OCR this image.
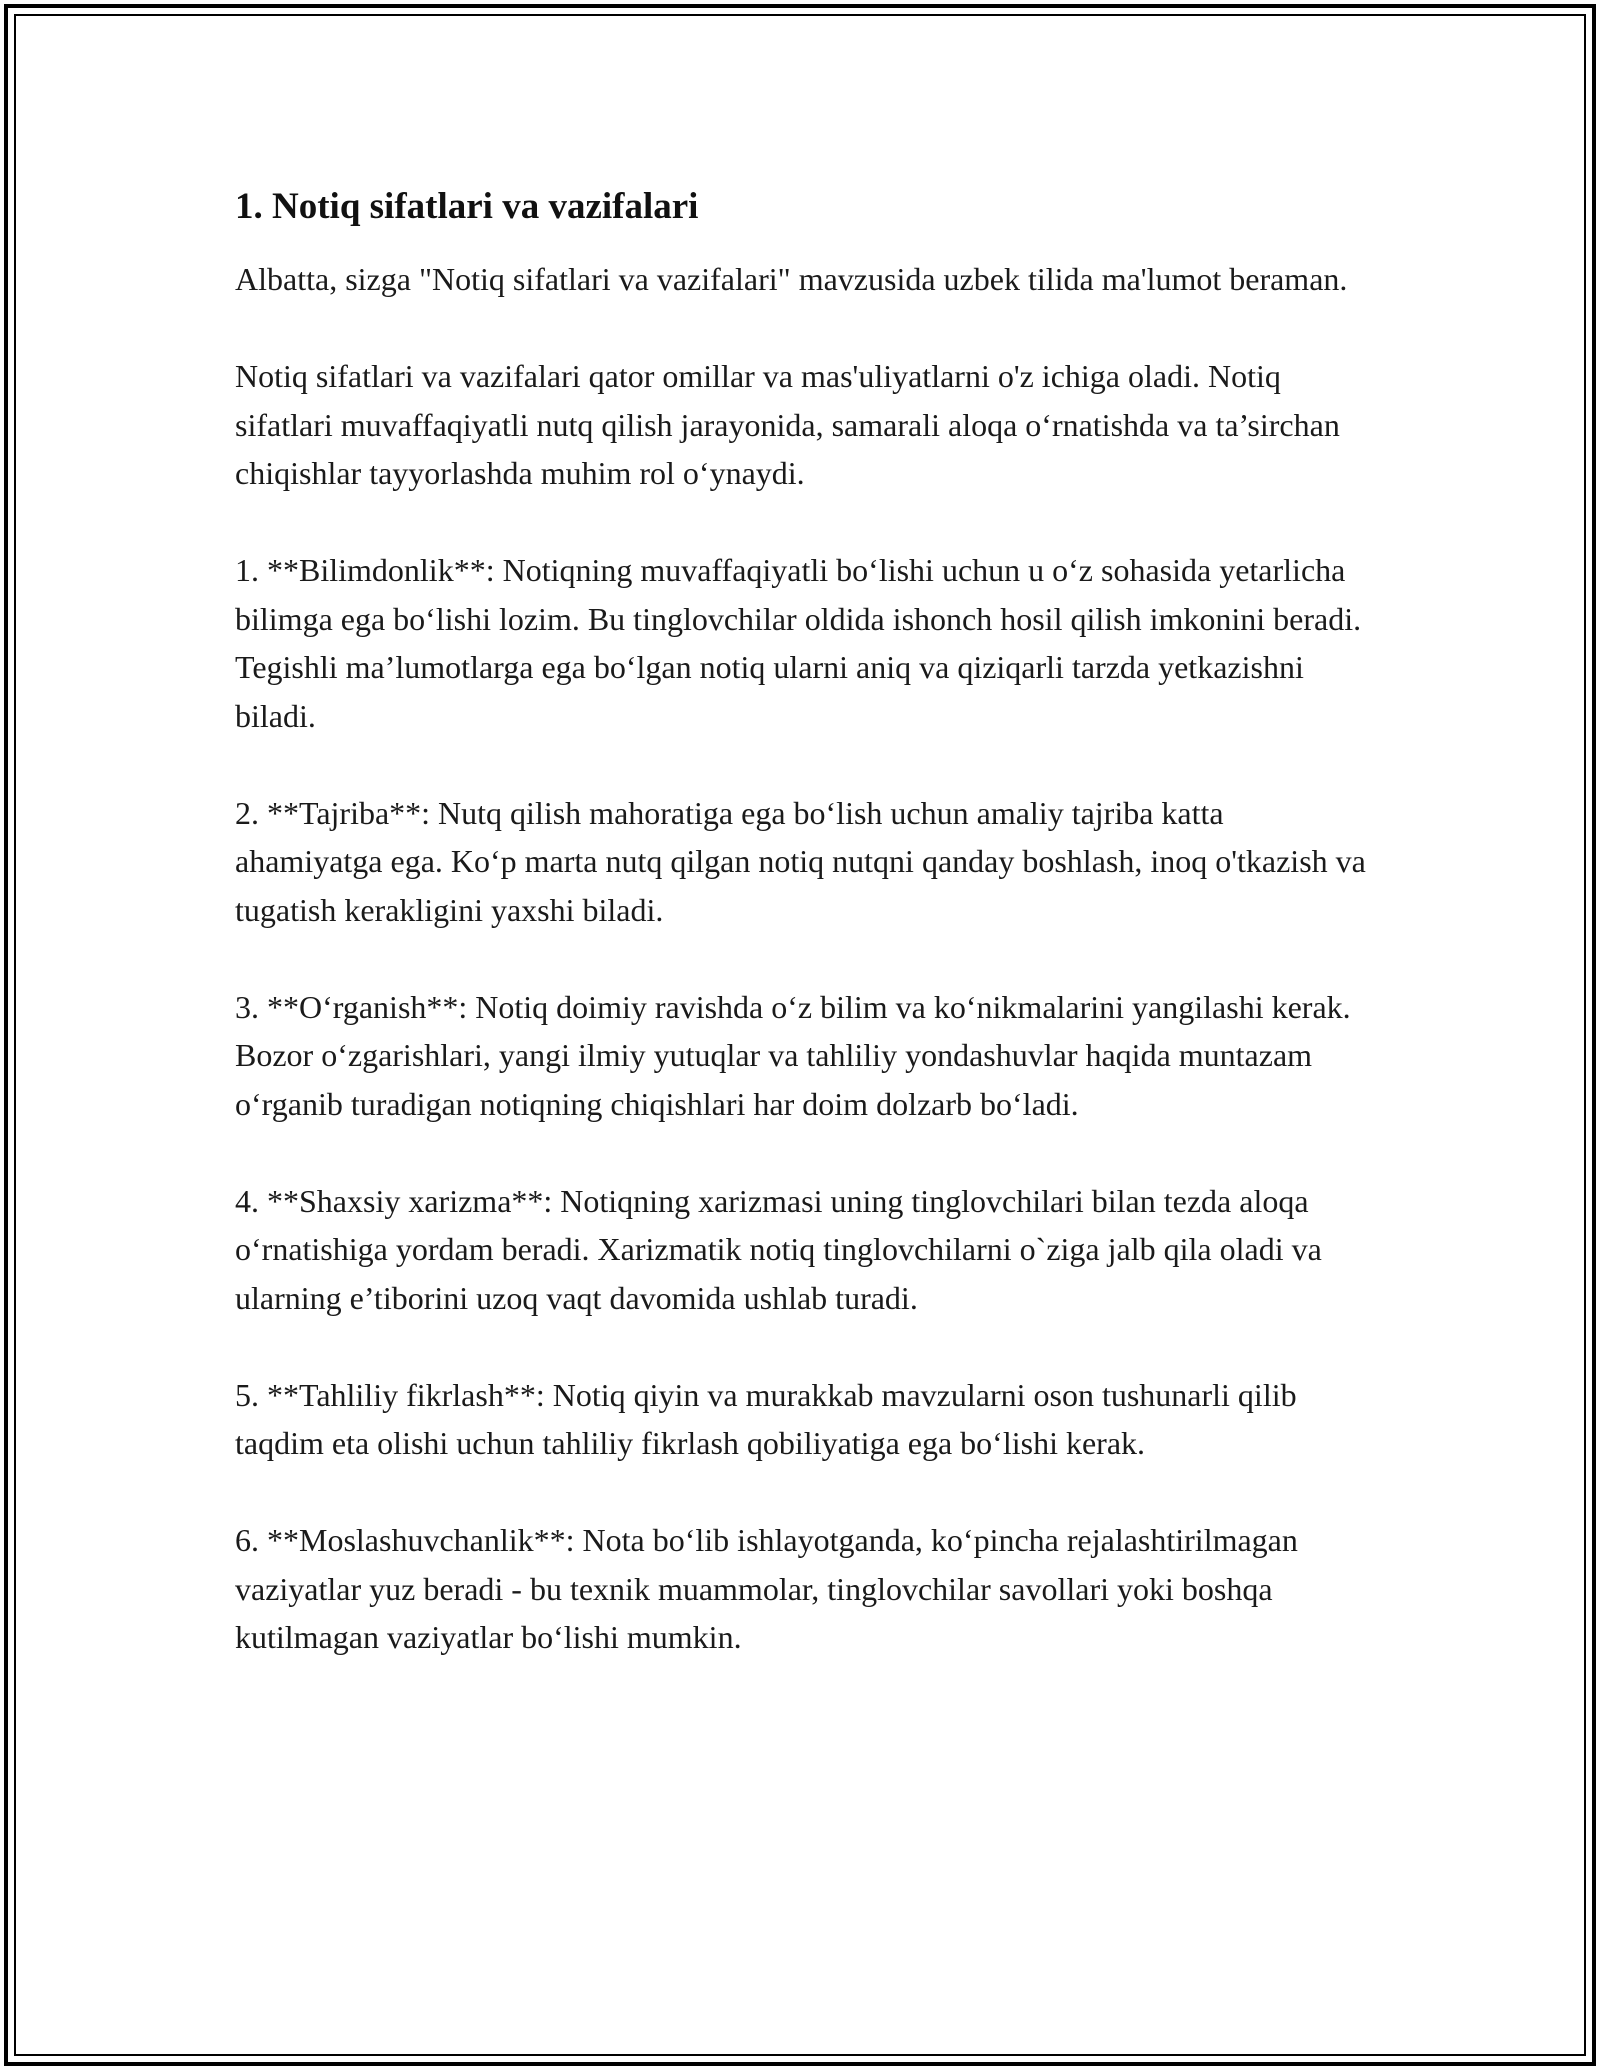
1. Notiq sifatlari va vazifalari

Albatta, sizga "Notiq sifatlari va vazifalari" mavzusida uzbek tilida ma'lumot beraman.

Notiq sifatlari va vazifalari qator omillar va mas'uliyatlarni o'z ichiga oladi. Notiq sifatlari muvaffaqiyatli nutq qilish jarayonida, samarali aloqa o‘rnatishda va ta’sirchan chiqishlar tayyorlashda muhim rol o‘ynaydi.

1. **Bilimdonlik**: Notiqning muvaffaqiyatli bo‘lishi uchun u o‘z sohasida yetarlicha bilimga ega bo‘lishi lozim. Bu tinglovchilar oldida ishonch hosil qilish imkonini beradi. Tegishli ma’lumotlarga ega bo‘lgan notiq ularni aniq va qiziqarli tarzda yetkazishni biladi.

2. **Tajriba**: Nutq qilish mahoratiga ega bo‘lish uchun amaliy tajriba katta ahamiyatga ega. Ko‘p marta nutq qilgan notiq nutqni qanday boshlash, inoq o'tkazish va tugatish kerakligini yaxshi biladi.

3. **O‘rganish**: Notiq doimiy ravishda o‘z bilim va ko‘nikmalarini yangilashi kerak. Bozor o‘zgarishlari, yangi ilmiy yutuqlar va tahliliy yondashuvlar haqida muntazam o‘rganib turadigan notiqning chiqishlari har doim dolzarb bo‘ladi.

4. **Shaxsiy xarizma**: Notiqning xarizmasi uning tinglovchilari bilan tezda aloqa o‘rnatishiga yordam beradi. Xarizmatik notiq tinglovchilarni o`ziga jalb qila oladi va ularning e’tiborini uzoq vaqt davomida ushlab turadi.

5. **Tahliliy fikrlash**: Notiq qiyin va murakkab mavzularni oson tushunarli qilib taqdim eta olishi uchun tahliliy fikrlash qobiliyatiga ega bo‘lishi kerak.

6. **Moslashuvchanlik**: Nota bo‘lib ishlayotganda, ko‘pincha rejalashtirilmagan vaziyatlar yuz beradi - bu texnik muammolar, tinglovchilar savollari yoki boshqa kutilmagan vaziyatlar bo‘lishi mumkin.
